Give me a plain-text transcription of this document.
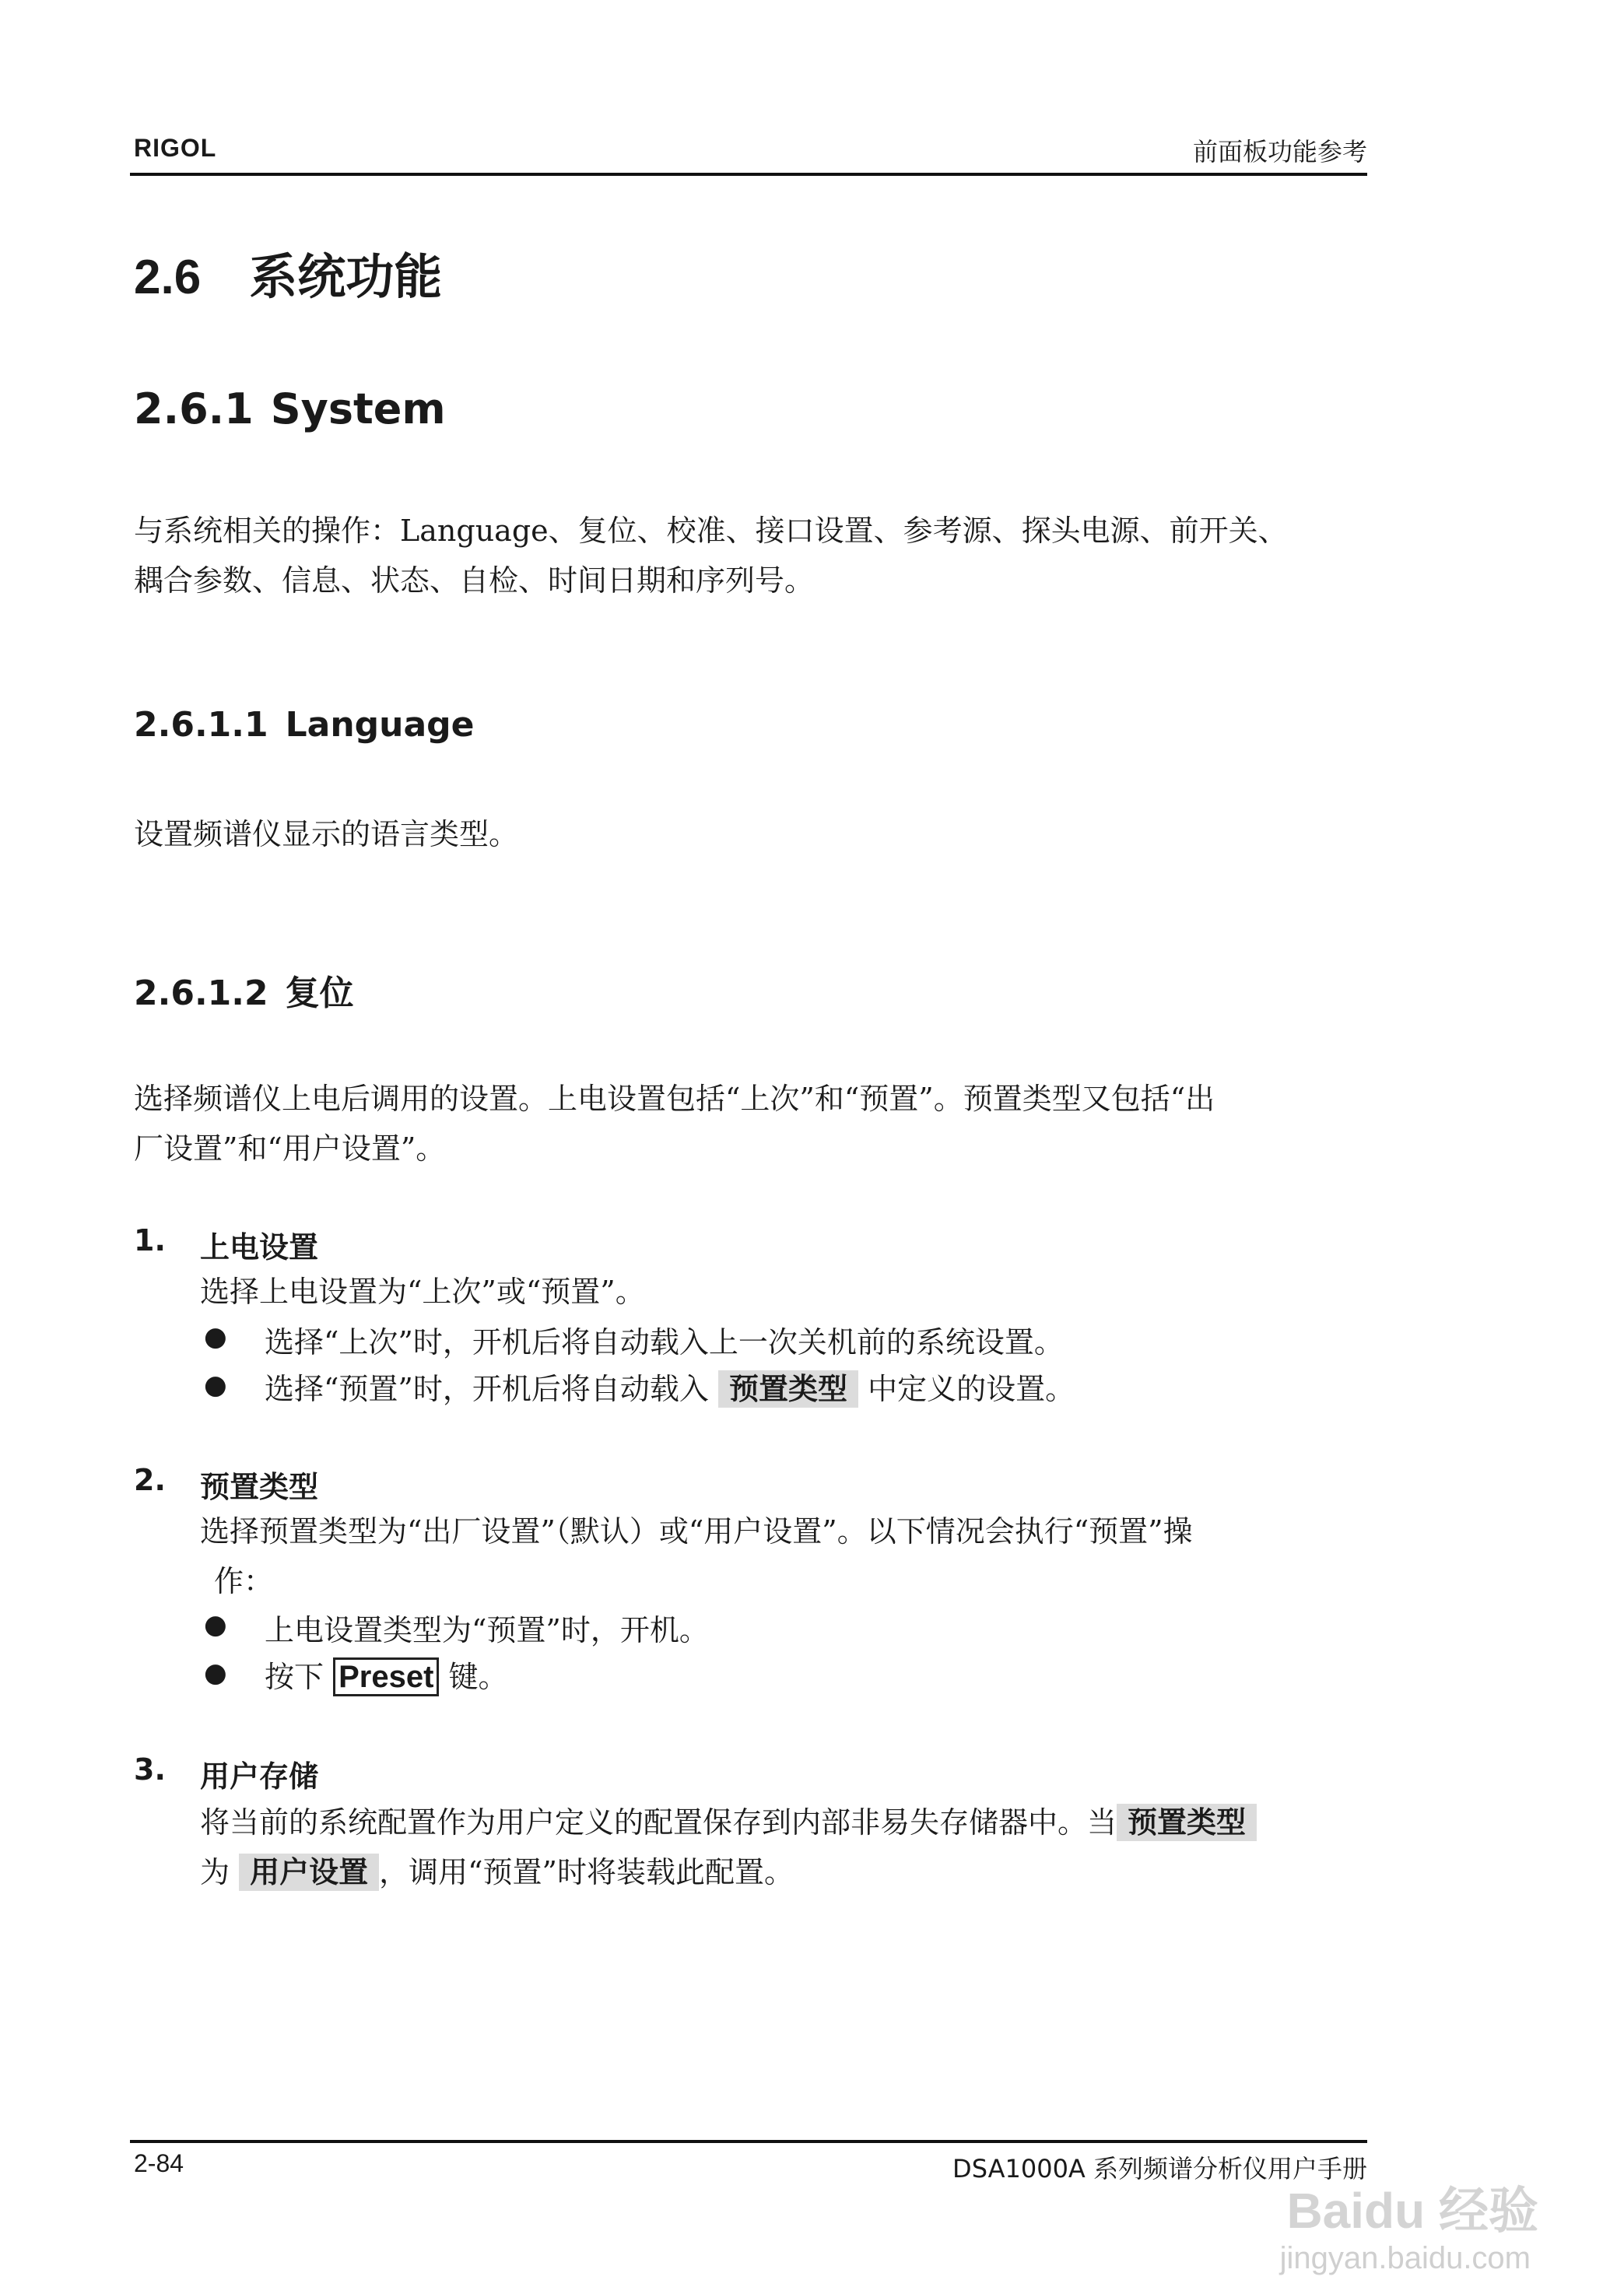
RIGOL	前面板功能参考
2.6 系统功能
2.6.1 System
与系统相关的操作：Language、复位、校准、接口设置、参考源、探头电源、前开关、
耦合参数、信息、状态、自检、时间日期和序列号。
2.6.1.1 Language
设置频谱仪显示的语言类型。
2.6.1.2 复位
选择频谱仪上电后调用的设置。上电设置包括“上次”和“预置”。预置类型又包括“出
厂设置”和“用户设置”。
1. 上电设置
选择上电设置为“上次”或“预置”。
● 选择“上次”时，开机后将自动载入上一次关机前的系统设置。
● 选择“预置”时，开机后将自动载入 预置类型 中定义的设置。
2. 预置类型
选择预置类型为“出厂设置”（默认）或“用户设置”。以下情况会执行“预置”操
作：
● 上电设置类型为“预置”时，开机。
● 按下 Preset 键。
3. 用户存储
将当前的系统配置作为用户定义的配置保存到内部非易失存储器中。当 预置类型
为 用户设置 ，调用“预置”时将装载此配置。
2-84	DSA1000A 系列频谱分析仪用户手册
Baidu 经验
jingyan.baidu.com
